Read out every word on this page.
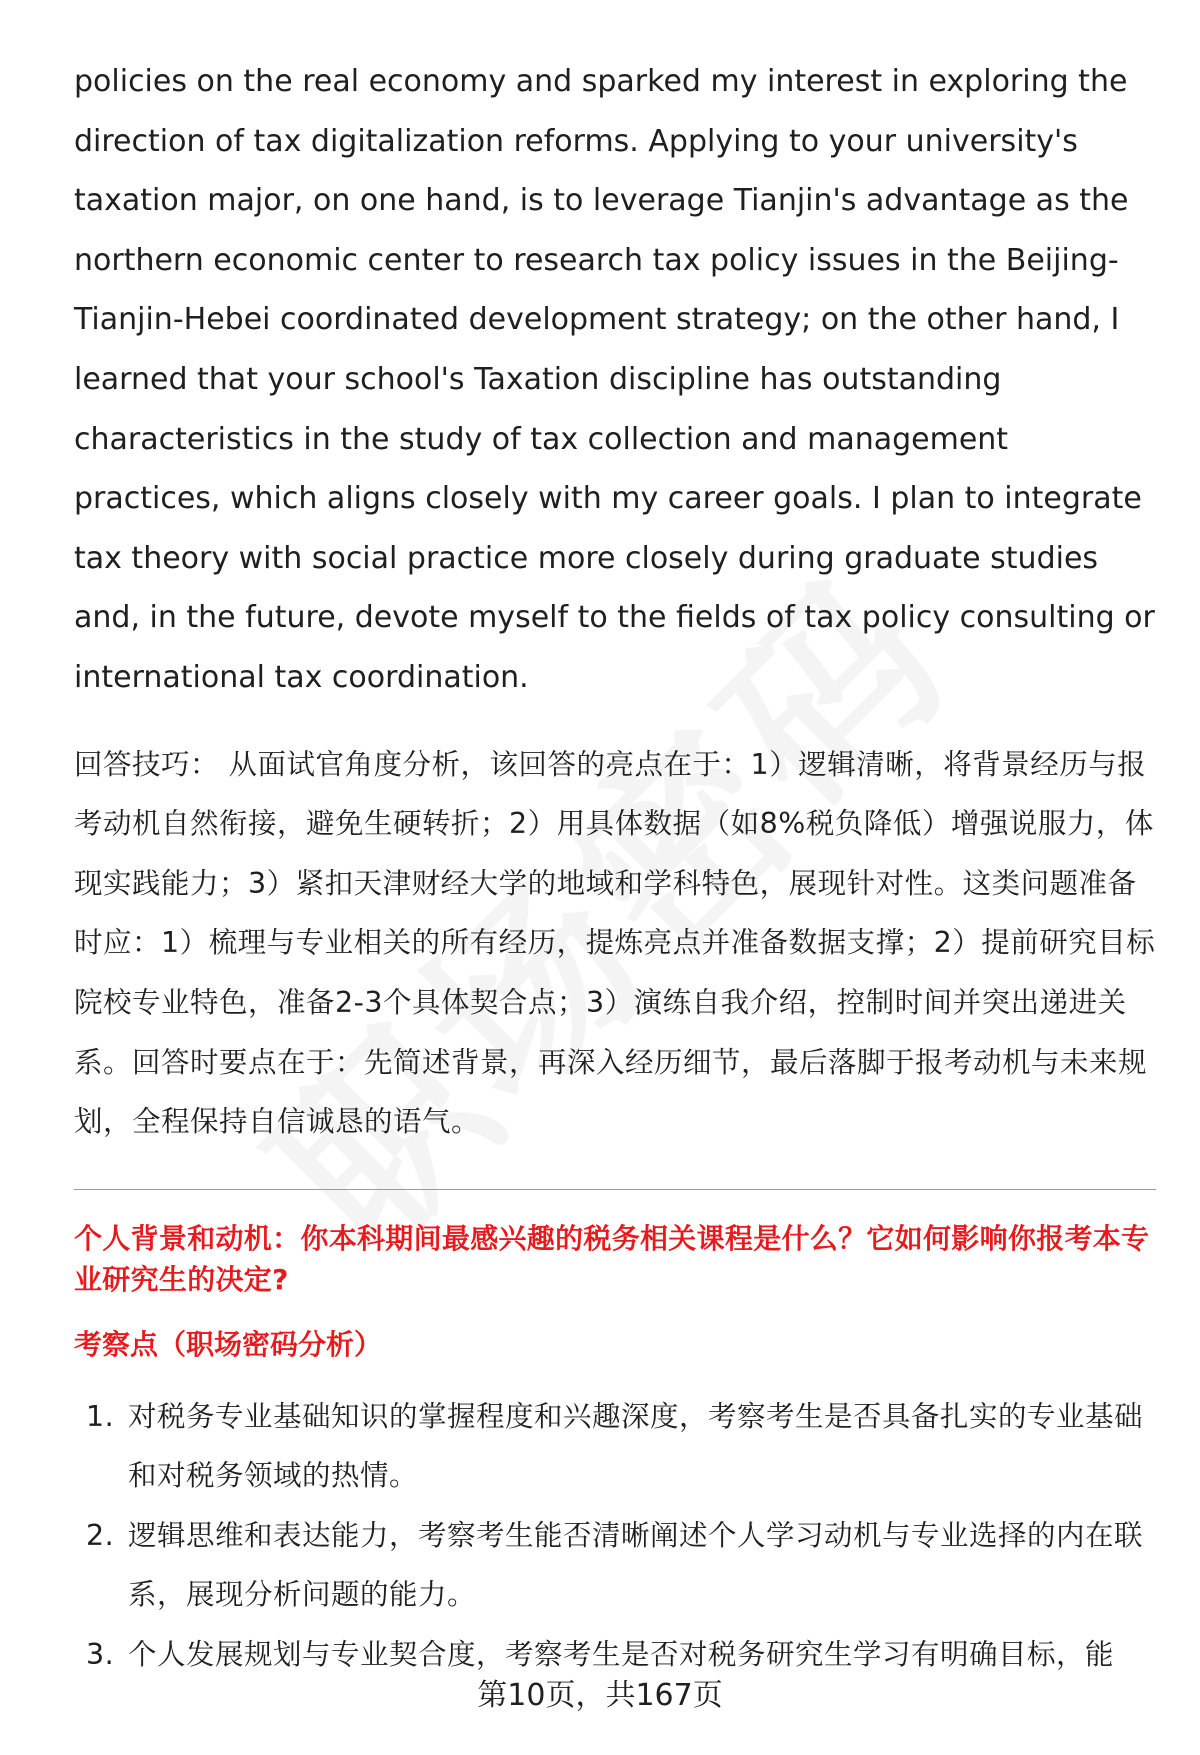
policies on the real economy and sparked my interest in exploring the direction of tax digitalization reforms. Applying to your university's taxation major, on one hand, is to leverage Tianjin's advantage as the northern economic center to research tax policy issues in the Beijing-Tianjin-Hebei coordinated development strategy; on the other hand, I learned that your school's Taxation discipline has outstanding characteristics in the study of tax collection and management practices, which aligns closely with my career goals. I plan to integrate tax theory with social practice more closely during graduate studies and, in the future, devote myself to the fields of tax policy consulting or international tax coordination.

回答技巧： 从面试官角度分析，该回答的亮点在于：1）逻辑清晰，将背景经历与报考动机自然衔接，避免生硬转折；2）用具体数据（如8%税负降低）增强说服力，体现实践能力；3）紧扣天津财经大学的地域和学科特色，展现针对性。这类问题准备时应：1）梳理与专业相关的所有经历，提炼亮点并准备数据支撑；2）提前研究目标院校专业特色，准备2-3个具体契合点；3）演练自我介绍，控制时间并突出递进关系。回答时要点在于：先简述背景，再深入经历细节，最后落脚于报考动机与未来规划，全程保持自信诚恳的语气。

个人背景和动机：你本科期间最感兴趣的税务相关课程是什么？它如何影响你报考本专业研究生的决定?
考察点（职场密码分析）
1. 对税务专业基础知识的掌握程度和兴趣深度，考察考生是否具备扎实的专业基础和对税务领域的热情。
2. 逻辑思维和表达能力，考察考生能否清晰阐述个人学习动机与专业选择的内在联系，展现分析问题的能力。
3. 个人发展规划与专业契合度，考察考生是否对税务研究生学习有明确目标，能
第10页，共167页
